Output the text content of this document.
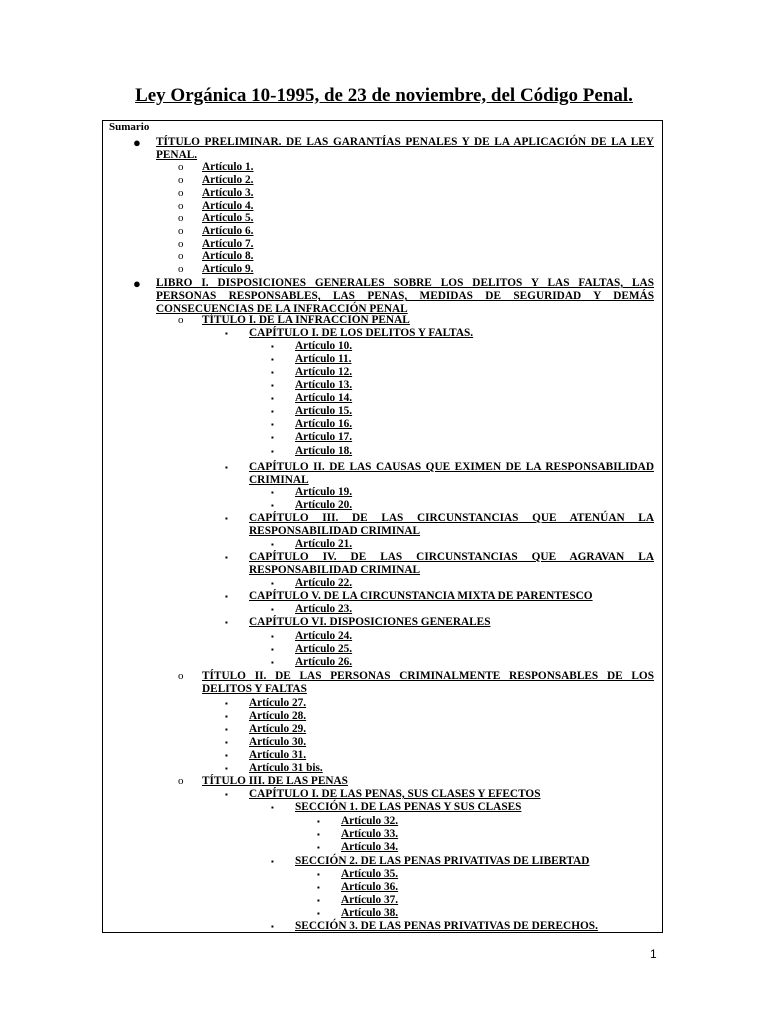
Ley Orgánica 10-1995, de 23 de noviembre, del Código Penal.
Sumario
● TÍTULO PRELIMINAR. DE LAS GARANTÍAS PENALES Y DE LA APLICACIÓN DE LA LEY PENAL.
o Artículo 1.
o Artículo 2.
o Artículo 3.
o Artículo 4.
o Artículo 5.
o Artículo 6.
o Artículo 7.
o Artículo 8.
o Artículo 9.
● LIBRO I. DISPOSICIONES GENERALES SOBRE LOS DELITOS Y LAS FALTAS, LAS PERSONAS RESPONSABLES, LAS PENAS, MEDIDAS DE SEGURIDAD Y DEMÁS CONSECUENCIAS DE LA INFRACCIÓN PENAL
o TÍTULO I. DE LA INFRACCIÓN PENAL
▪ CAPÍTULO I. DE LOS DELITOS Y FALTAS.
▪ Artículo 10.
▪ Artículo 11.
▪ Artículo 12.
▪ Artículo 13.
▪ Artículo 14.
▪ Artículo 15.
▪ Artículo 16.
▪ Artículo 17.
▪ Artículo 18.
▪ CAPÍTULO II. DE LAS CAUSAS QUE EXIMEN DE LA RESPONSABILIDAD CRIMINAL
▪ Artículo 19.
▪ Artículo 20.
▪ CAPÍTULO III. DE LAS CIRCUNSTANCIAS QUE ATENÚAN LA RESPONSABILIDAD CRIMINAL
▪ Artículo 21.
▪ CAPÍTULO IV. DE LAS CIRCUNSTANCIAS QUE AGRAVAN LA RESPONSABILIDAD CRIMINAL
▪ Artículo 22.
▪ CAPÍTULO V. DE LA CIRCUNSTANCIA MIXTA DE PARENTESCO
▪ Artículo 23.
▪ CAPÍTULO VI. DISPOSICIONES GENERALES
▪ Artículo 24.
▪ Artículo 25.
▪ Artículo 26.
o TÍTULO II. DE LAS PERSONAS CRIMINALMENTE RESPONSABLES DE LOS DELITOS Y FALTAS
▪ Artículo 27.
▪ Artículo 28.
▪ Artículo 29.
▪ Artículo 30.
▪ Artículo 31.
▪ Artículo 31 bis.
o TÍTULO III. DE LAS PENAS
▪ CAPÍTULO I. DE LAS PENAS, SUS CLASES Y EFECTOS
▪ SECCIÓN 1. DE LAS PENAS Y SUS CLASES
▪ Artículo 32.
▪ Artículo 33.
▪ Artículo 34.
▪ SECCIÓN 2. DE LAS PENAS PRIVATIVAS DE LIBERTAD
▪ Artículo 35.
▪ Artículo 36.
▪ Artículo 37.
▪ Artículo 38.
▪ SECCIÓN 3. DE LAS PENAS PRIVATIVAS DE DERECHOS.
1
